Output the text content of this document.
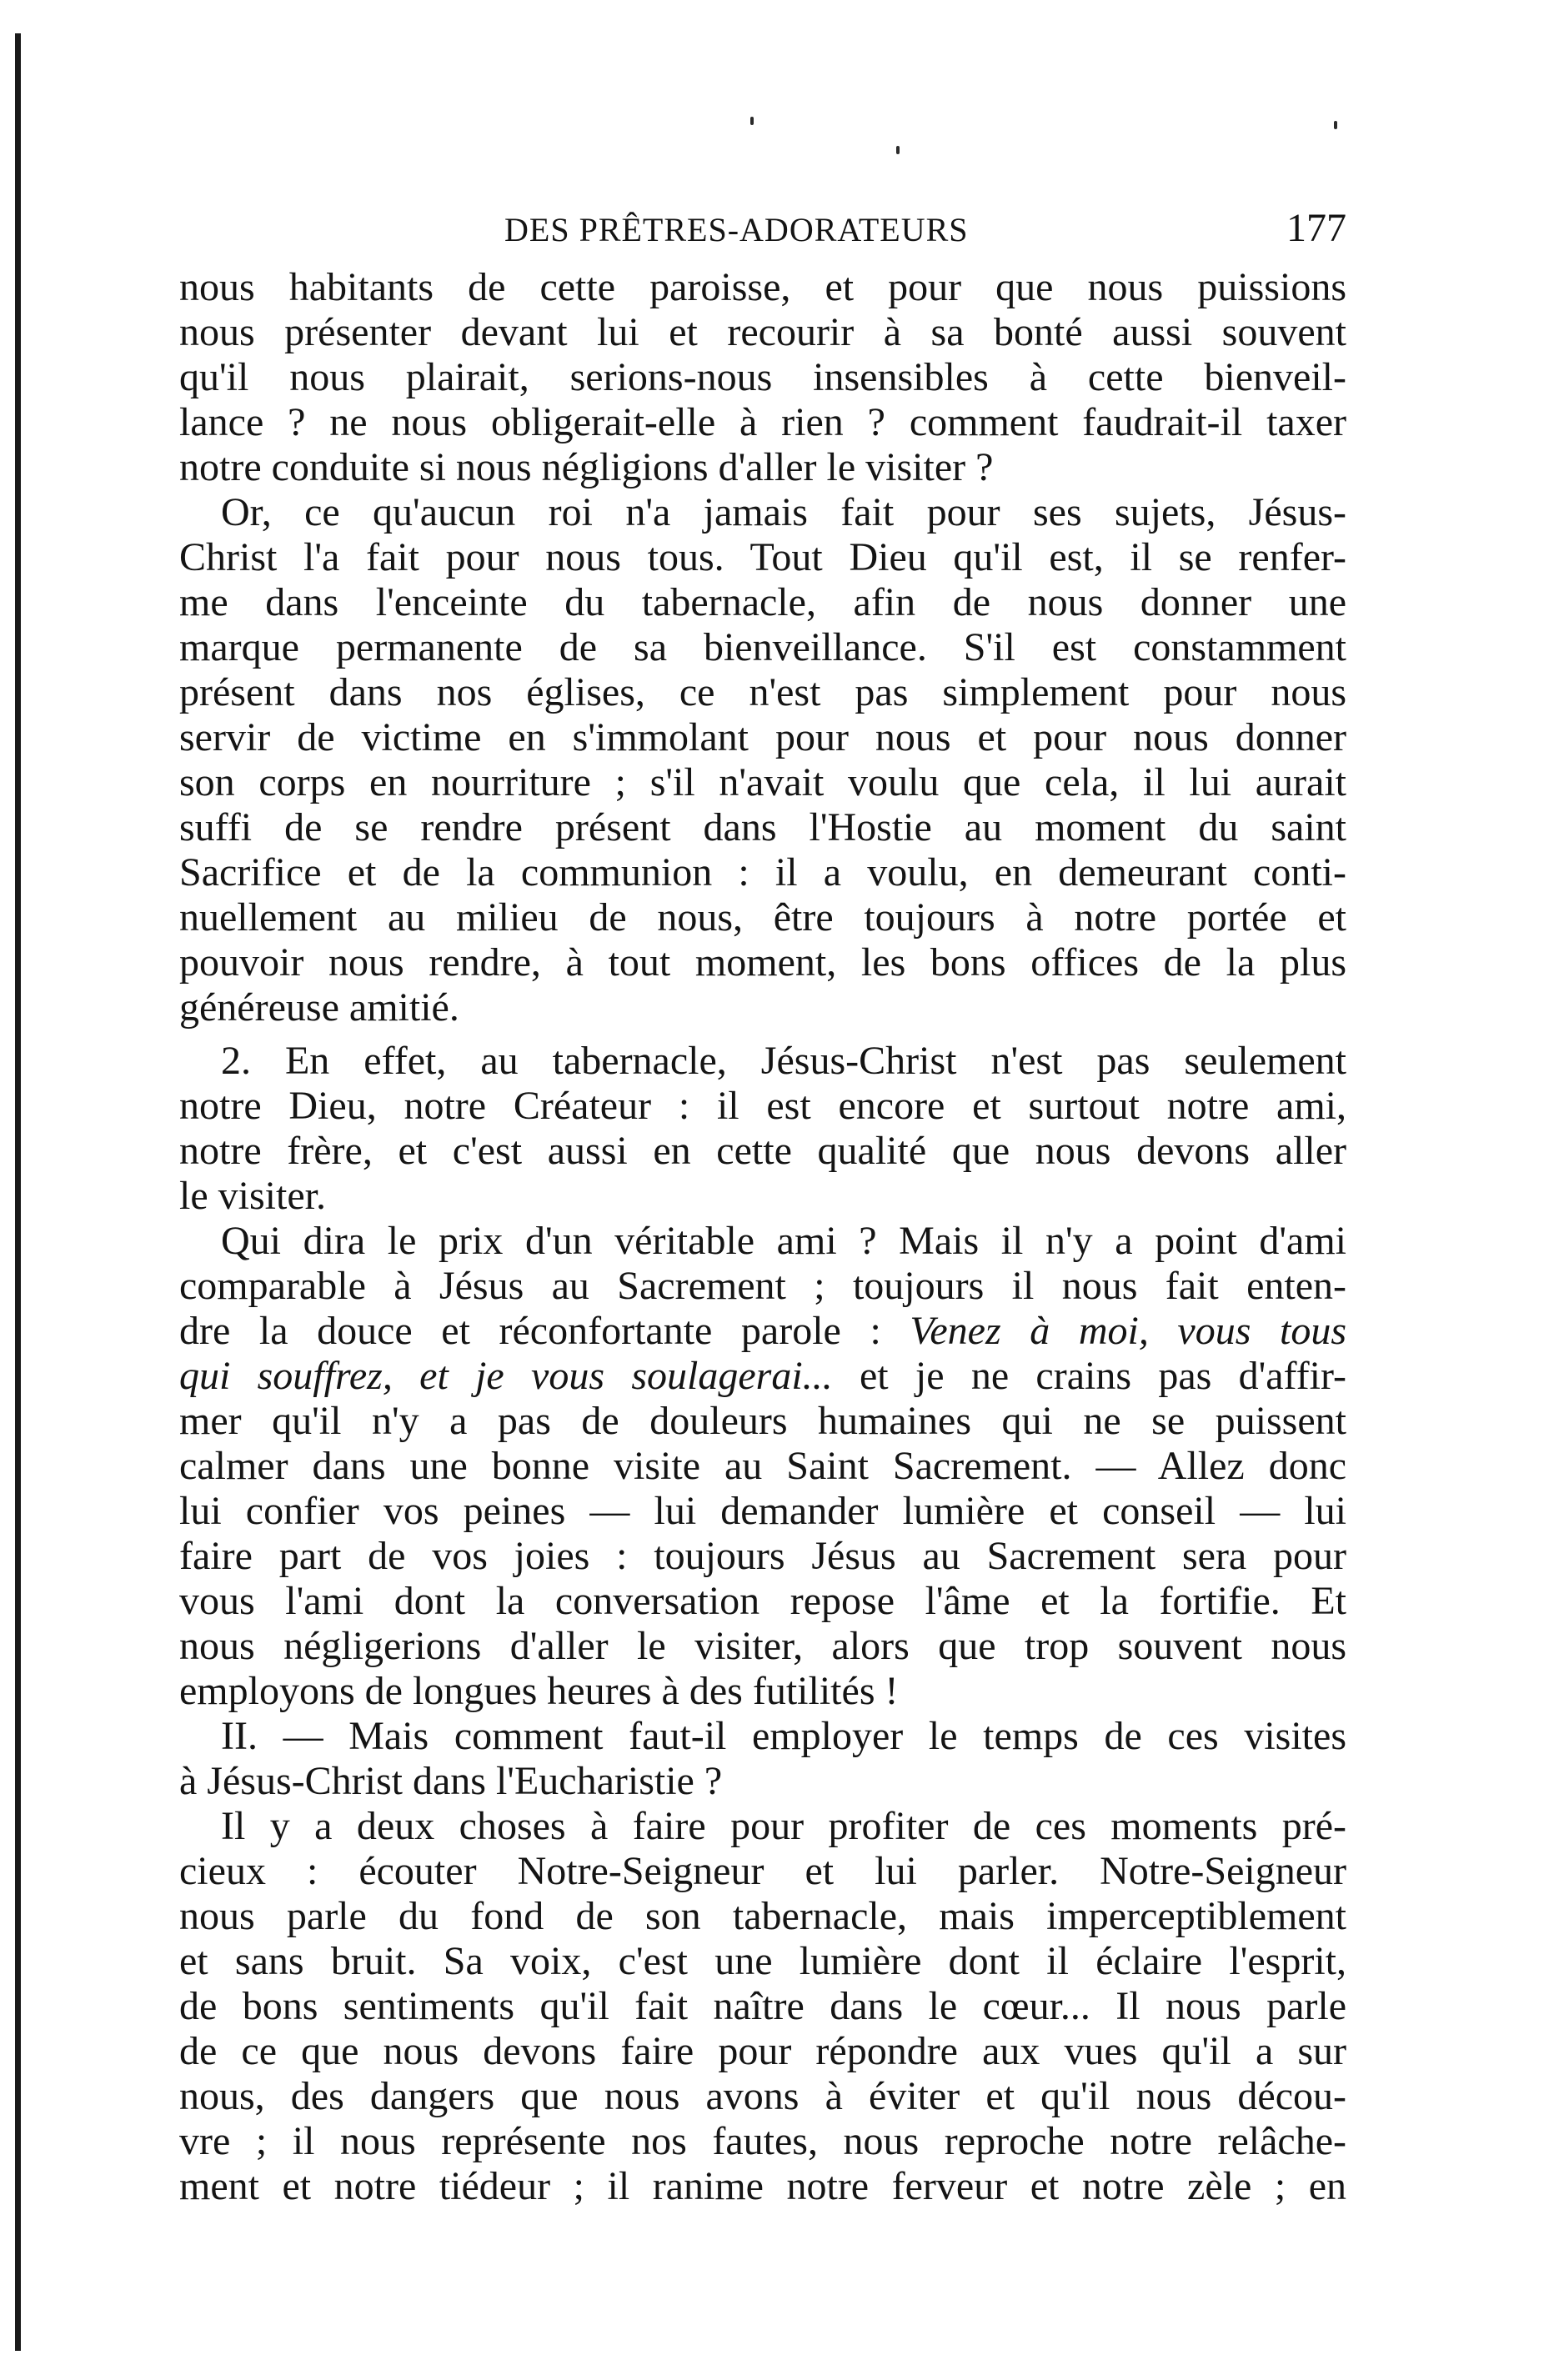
DES PRÊTRES-ADORATEURS	177
nous habitants de cette paroisse, et pour que nous puissions
nous présenter devant lui et recourir à sa bonté aussi souvent
qu'il nous plairait, serions-nous insensibles à cette bienveil-
lance ? ne nous obligerait-elle à rien ? comment faudrait-il taxer
notre conduite si nous négligions d'aller le visiter ?
Or, ce qu'aucun roi n'a jamais fait pour ses sujets, Jésus-
Christ l'a fait pour nous tous. Tout Dieu qu'il est, il se renfer-
me dans l'enceinte du tabernacle, afin de nous donner une
marque permanente de sa bienveillance. S'il est constamment
présent dans nos églises, ce n'est pas simplement pour nous
servir de victime en s'immolant pour nous et pour nous donner
son corps en nourriture ; s'il n'avait voulu que cela, il lui aurait
suffi de se rendre présent dans l'Hostie au moment du saint
Sacrifice et de la communion : il a voulu, en demeurant conti-
nuellement au milieu de nous, être toujours à notre portée et
pouvoir nous rendre, à tout moment, les bons offices de la plus
généreuse amitié.
2. En effet, au tabernacle, Jésus-Christ n'est pas seulement
notre Dieu, notre Créateur : il est encore et surtout notre ami,
notre frère, et c'est aussi en cette qualité que nous devons aller
le visiter.
Qui dira le prix d'un véritable ami ? Mais il n'y a point d'ami
comparable à Jésus au Sacrement ; toujours il nous fait enten-
dre la douce et réconfortante parole : Venez à moi, vous tous
qui souffrez, et je vous soulagerai... et je ne crains pas d'affir-
mer qu'il n'y a pas de douleurs humaines qui ne se puissent
calmer dans une bonne visite au Saint Sacrement. — Allez donc
lui confier vos peines — lui demander lumière et conseil — lui
faire part de vos joies : toujours Jésus au Sacrement sera pour
vous l'ami dont la conversation repose l'âme et la fortifie. Et
nous négligerions d'aller le visiter, alors que trop souvent nous
employons de longues heures à des futilités !
II. — Mais comment faut-il employer le temps de ces visites
à Jésus-Christ dans l'Eucharistie ?
Il y a deux choses à faire pour profiter de ces moments pré-
cieux : écouter Notre-Seigneur et lui parler. Notre-Seigneur
nous parle du fond de son tabernacle, mais imperceptiblement
et sans bruit. Sa voix, c'est une lumière dont il éclaire l'esprit,
de bons sentiments qu'il fait naître dans le cœur... Il nous parle
de ce que nous devons faire pour répondre aux vues qu'il a sur
nous, des dangers que nous avons à éviter et qu'il nous décou-
vre ; il nous représente nos fautes, nous reproche notre relâche-
ment et notre tiédeur ; il ranime notre ferveur et notre zèle ; en
